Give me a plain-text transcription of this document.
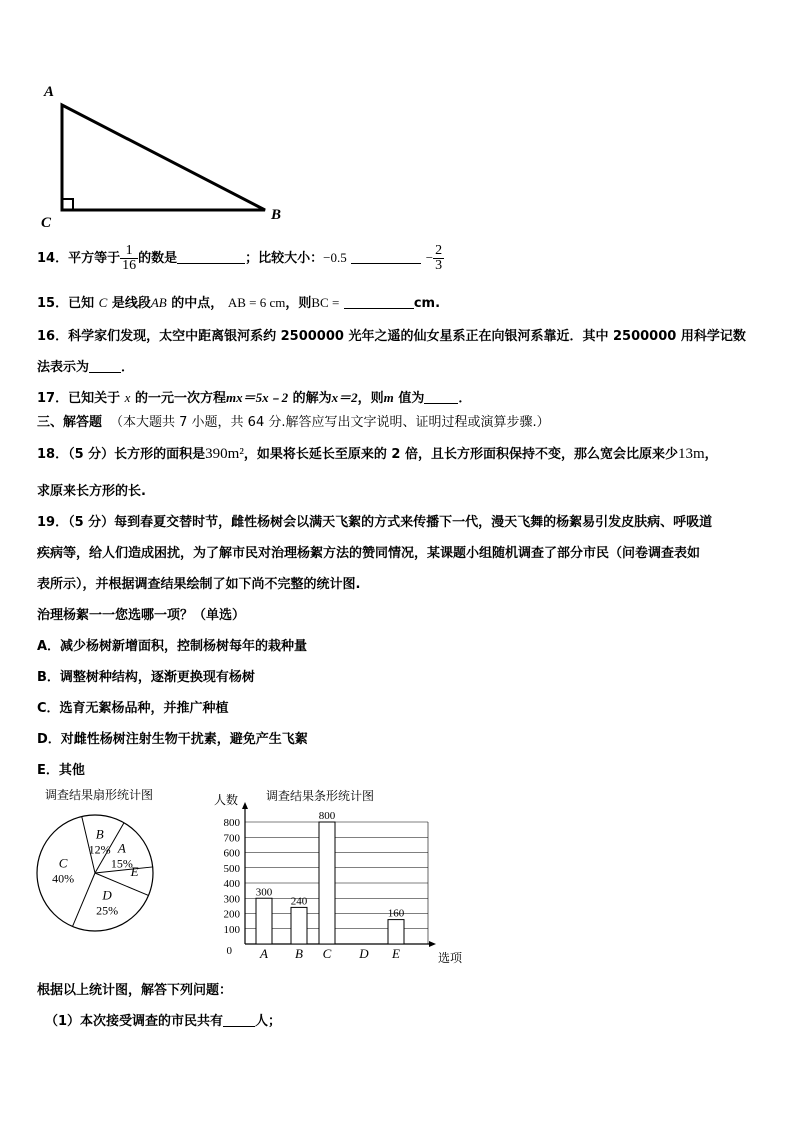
A
B
C
14．平方等于 $\frac{1}{16}$ 的数是	；比较大小：−0.5	− $\frac{2}{3}$
15．已知 C 是线段AB 的中点， AB = 6 cm，则BC =	cm.
16．科学家们发现，太空中距离银河系约 2500000 光年之遥的仙女星系正在向银河系靠近．其中 2500000 用科学记数
法表示为 ．
17．已知关于 x 的一元一次方程mx＝5x﹣2 的解为x＝2，则m 值为	．
三、解答题 （本大题共 7 小题，共 64 分.解答应写出文字说明、证明过程或演算步骤.）
18．（5 分）长方形的面积是390m²，如果将长延长至原来的 2 倍，且长方形面积保持不变，那么宽会比原来少13m，
求原来长方形的长.
19．（5 分）每到春夏交替时节，雌性杨树会以满天飞絮的方式来传播下一代，漫天飞舞的杨絮易引发皮肤病、呼吸道
疾病等，给人们造成困扰，为了解市民对治理杨絮方法的赞同情况，某课题小组随机调查了部分市民（问卷调查表如
表所示），并根据调查结果绘制了如下尚不完整的统计图.
治理杨絮一一您选哪一项？（单选）
A．减少杨树新增面积，控制杨树每年的栽种量
B．调整树种结构，逐渐更换现有杨树
C．选育无絮杨品种，并推广种植
D．对雌性杨树注射生物干扰素，避免产生飞絮
E．其他
调查结果扇形统计图
A
15%
E
D
25%
C
40%
B
12%
调查结果条形统计图
0
100
200
300
400
500
600
700
800
人数
选项
300
A
240
B
800
C D
160
E
根据以上统计图，解答下列问题：
（1）本次接受调查的市民共有 人；
